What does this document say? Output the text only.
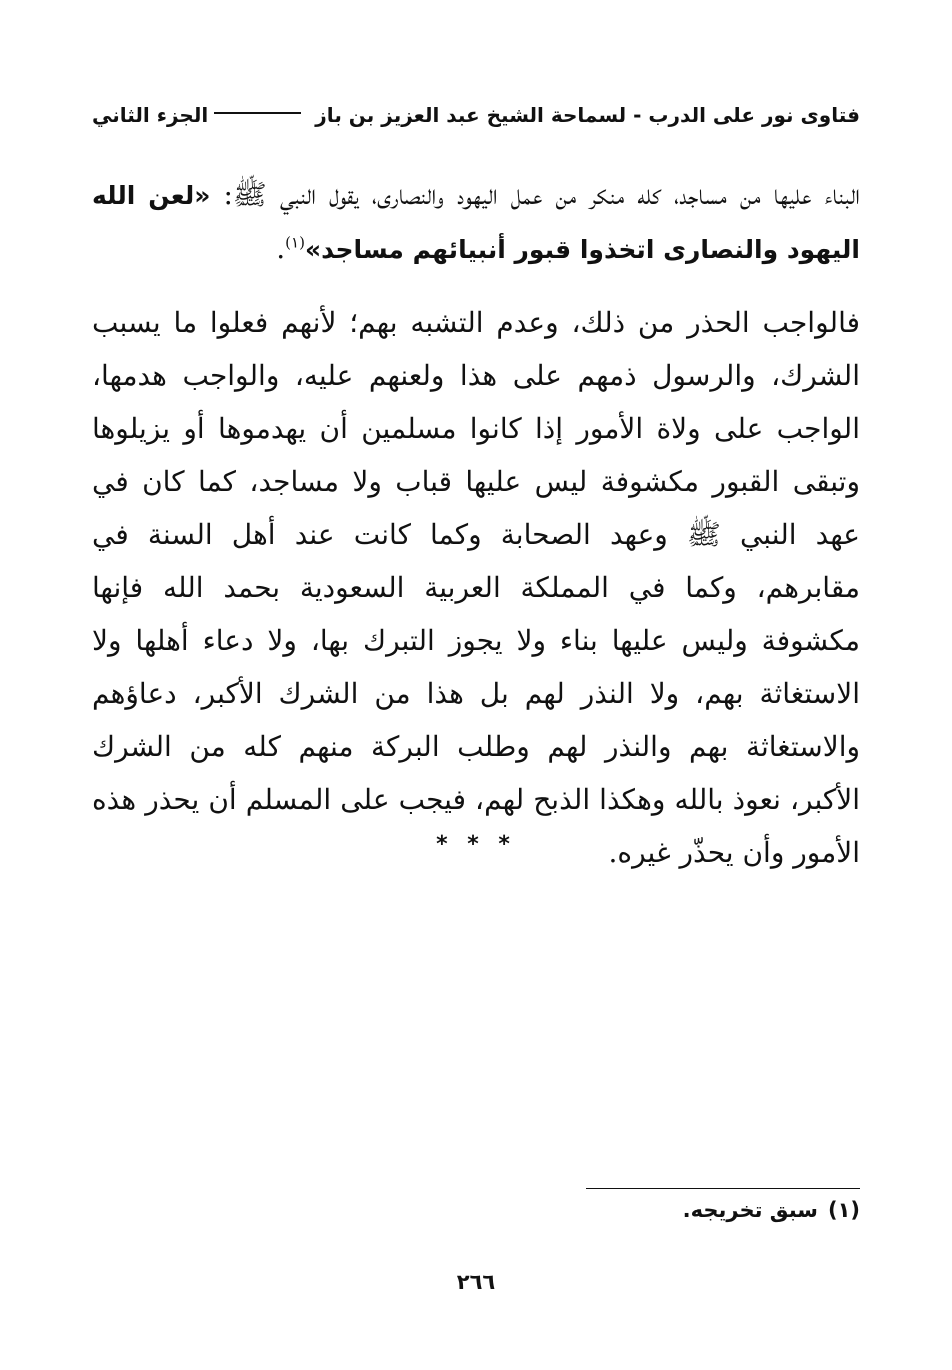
فتاوى نور على الدرب - لسماحة الشيخ عبد العزيز بن باز
الجزء الثاني

البناء عليها من مساجد، كله منكر من عمل اليهود والنصارى، يقول النبي ﷺ: «لعن الله اليهود والنصارى اتخذوا قبور أنبيائهم مساجد»$^{(١)}$.

فالواجب الحذر من ذلك، وعدم التشبه بهم؛ لأنهم فعلوا ما يسبب الشرك، والرسول ذمهم على هذا ولعنهم عليه، والواجب هدمها، الواجب على ولاة الأمور إذا كانوا مسلمين أن يهدموها أو يزيلوها وتبقى القبور مكشوفة ليس عليها قباب ولا مساجد، كما كان في عهد النبي ﷺ وعهد الصحابة وكما كانت عند أهل السنة في مقابرهم، وكما في المملكة العربية السعودية بحمد الله فإنها مكشوفة وليس عليها بناء ولا يجوز التبرك بها، ولا دعاء أهلها ولا الاستغاثة بهم، ولا النذر لهم بل هذا من الشرك الأكبر، دعاؤهم والاستغاثة بهم والنذر لهم وطلب البركة منهم كله من الشرك الأكبر، نعوذ بالله وهكذا الذبح لهم، فيجب على المسلم أن يحذر هذه الأمور وأن يحذّر غيره.

* * *
(١)سبق تخريجه.
٢٦٦
